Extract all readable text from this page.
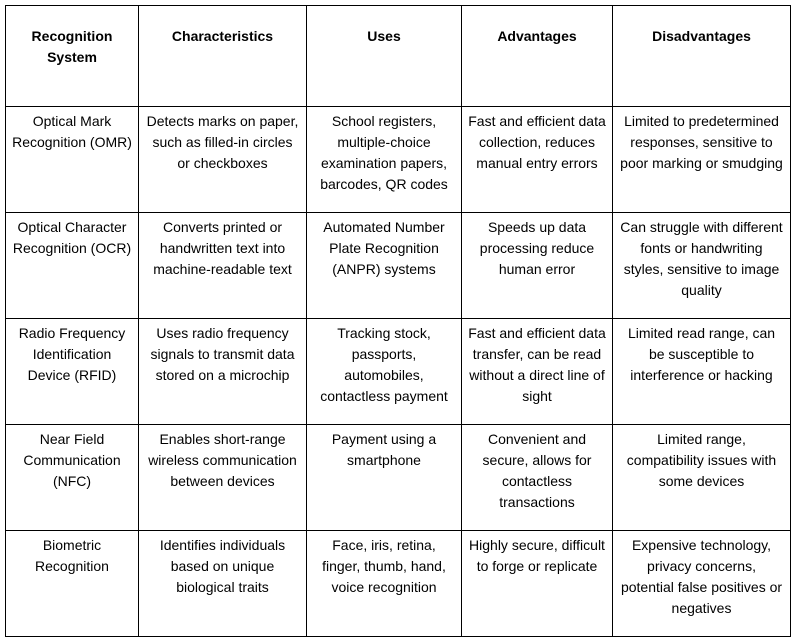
Recognition System	Characteristics	Uses	Advantages	Disadvantages
Optical Mark Recognition (OMR)	Detects marks on paper, such as filled-in circles or checkboxes	School registers, multiple-choice examination papers, barcodes, QR codes	Fast and efficient data collection, reduces manual entry errors	Limited to predetermined responses, sensitive to poor marking or smudging
Optical Character Recognition (OCR)	Converts printed or handwritten text into machine-readable text	Automated Number Plate Recognition (ANPR) systems	Speeds up data processing reduce human error	Can struggle with different fonts or handwriting styles, sensitive to image quality
Radio Frequency Identification Device (RFID)	Uses radio frequency signals to transmit data stored on a microchip	Tracking stock, passports, automobiles, contactless payment	Fast and efficient data transfer, can be read without a direct line of sight	Limited read range, can be susceptible to interference or hacking
Near Field Communication (NFC)	Enables short-range wireless communication between devices	Payment using a smartphone	Convenient and secure, allows for contactless transactions	Limited range, compatibility issues with some devices
Biometric Recognition	Identifies individuals based on unique biological traits	Face, iris, retina, finger, thumb, hand, voice recognition	Highly secure, difficult to forge or replicate	Expensive technology, privacy concerns, potential false positives or negatives
